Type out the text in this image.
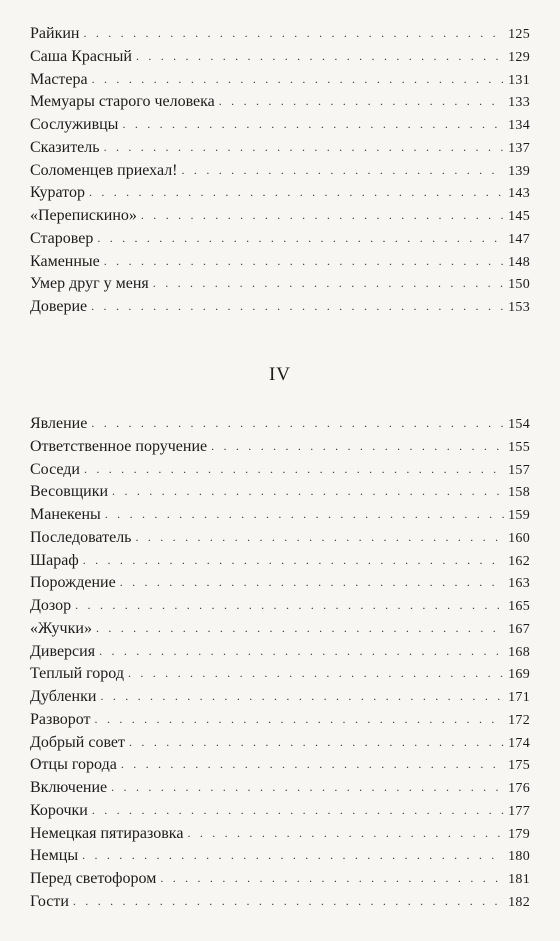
Райкин . . .	125
Саша Красный . . .	129
Мастера . . .	131
Мемуары старого человека . . .	133
Сослуживцы . . .	134
Сказитель . . .	137
Соломенцев приехал! . . .	139
Куратор . . .	143
«Перепискино» . . .	145
Старовер . . .	147
Каменные . . .	148
Умер друг у меня . . .	150
Доверие . . .	153
IV
Явление . . .	154
Ответственное поручение . . .	155
Соседи . . .	157
Весовщики . . .	158
Манекены . . .	159
Последователь . . .	160
Шараф . . .	162
Порождение . . .	163
Дозор . . .	165
«Жучки» . . .	167
Диверсия . . .	168
Теплый город . . .	169
Дубленки . . .	171
Разворот . . .	172
Добрый совет . . .	174
Отцы города . . .	175
Включение . . .	176
Корочки . . .	177
Немецкая пятиразовка . . .	179
Немцы . . .	180
Перед светофором . . .	181
Гости . . .	182
